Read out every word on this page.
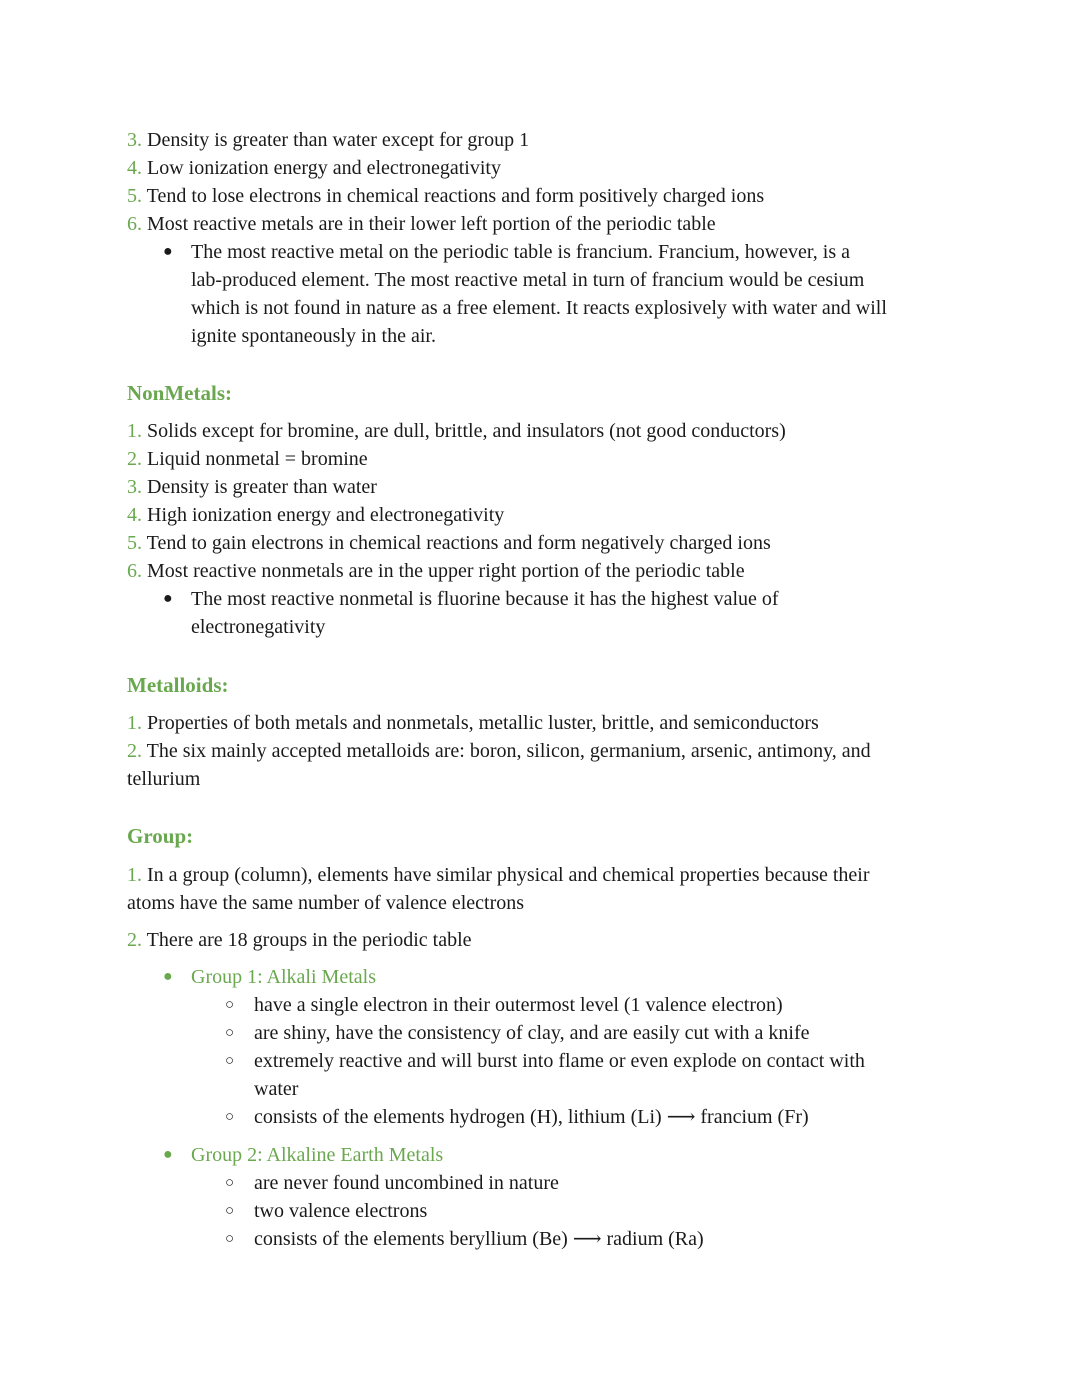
3. Density is greater than water except for group 1
4. Low ionization energy and electronegativity
5. Tend to lose electrons in chemical reactions and form positively charged ions
6. Most reactive metals are in their lower left portion of the periodic table
● The most reactive metal on the periodic table is francium. Francium, however, is a
lab-produced element. The most reactive metal in turn of francium would be cesium
which is not found in nature as a free element. It reacts explosively with water and will
ignite spontaneously in the air.
NonMetals:
1. Solids except for bromine, are dull, brittle, and insulators (not good conductors)
2. Liquid nonmetal = bromine
3. Density is greater than water
4. High ionization energy and electronegativity
5. Tend to gain electrons in chemical reactions and form negatively charged ions
6. Most reactive nonmetals are in the upper right portion of the periodic table
● The most reactive nonmetal is fluorine because it has the highest value of
electronegativity
Metalloids:
1. Properties of both metals and nonmetals, metallic luster, brittle, and semiconductors
2. The six mainly accepted metalloids are: boron, silicon, germanium, arsenic, antimony, and
tellurium
Group:
1. In a group (column), elements have similar physical and chemical properties because their
atoms have the same number of valence electrons
2. There are 18 groups in the periodic table
● Group 1: Alkali Metals
○ have a single electron in their outermost level (1 valence electron)
○ are shiny, have the consistency of clay, and are easily cut with a knife
○ extremely reactive and will burst into flame or even explode on contact with
water
○ consists of the elements hydrogen (H), lithium (Li) ⟶ francium (Fr)
● Group 2: Alkaline Earth Metals
○ are never found uncombined in nature
○ two valence electrons
○ consists of the elements beryllium (Be) ⟶ radium (Ra)
